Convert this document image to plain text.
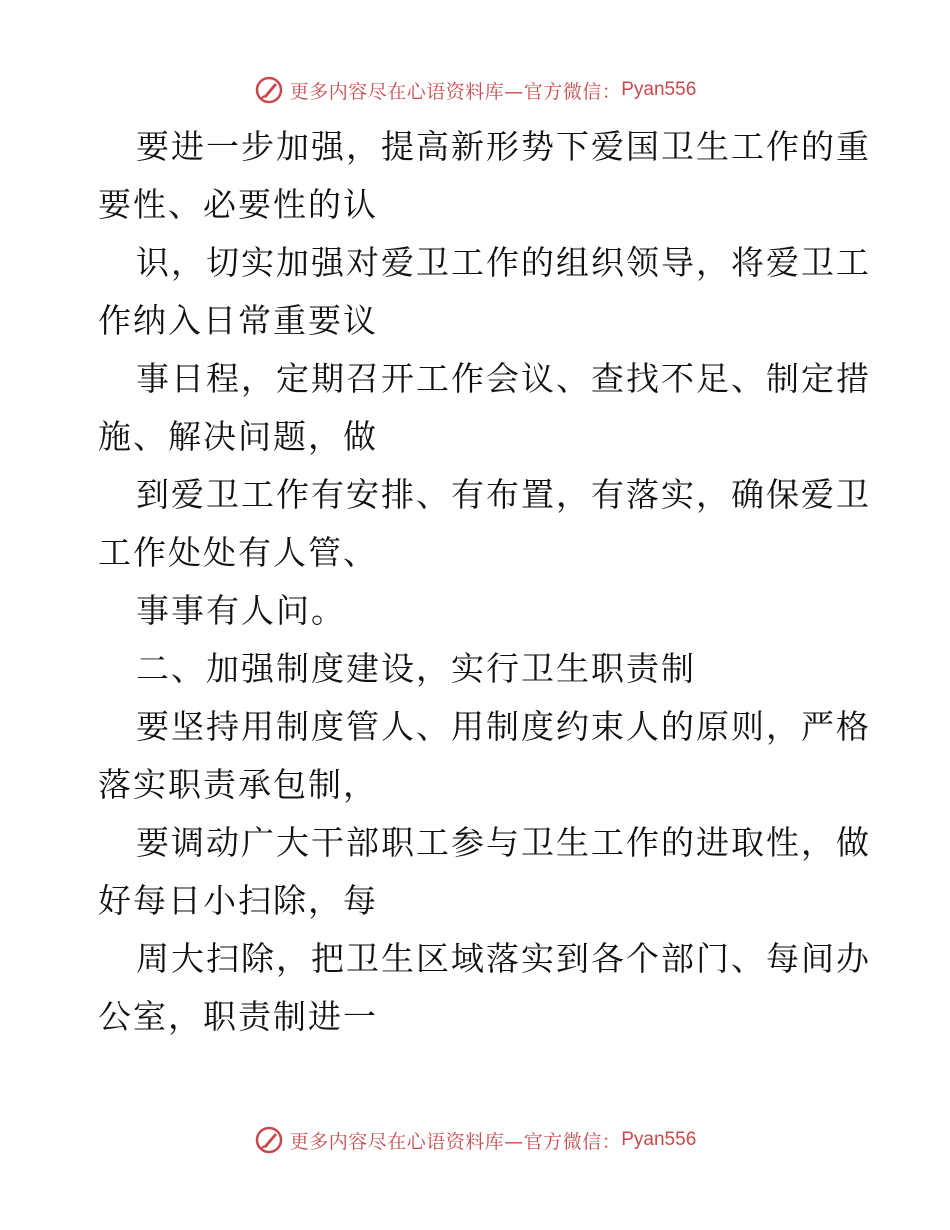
更多内容尽在心语资料库—官方微信： Pyan556
要进一步加强，提高新形势下爱国卫生工作的重
要性、必要性的认
识，切实加强对爱卫工作的组织领导，将爱卫工
作纳入日常重要议
事日程，定期召开工作会议、查找不足、制定措
施、解决问题，做
到爱卫工作有安排、有布置，有落实，确保爱卫
工作处处有人管、
事事有人问。
二、加强制度建设，实行卫生职责制
要坚持用制度管人、用制度约束人的原则，严格
落实职责承包制，
要调动广大干部职工参与卫生工作的进取性，做
好每日小扫除，每
周大扫除，把卫生区域落实到各个部门、每间办
公室，职责制进一
更多内容尽在心语资料库—官方微信： Pyan556
